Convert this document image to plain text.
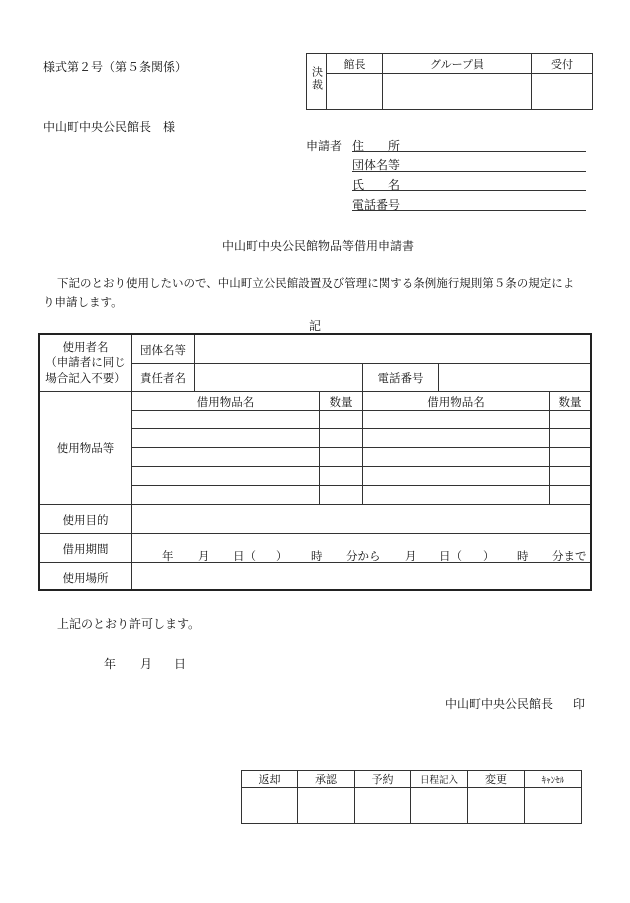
様式第２号（第５条関係）	決裁	館長	グループ員	受付

中山町中央公民館長　様
申請者 住　　所
団体名等
氏　　名
電話番号
中山町中央公民館物品等借用申請書
下記のとおり使用したいので、中山町立公民館設置及び管理に関する条例施行規則第５条の規定によ
り申請します。
記
使用者名
（申請者に同じ
場合記入不要）
団体名等
責任者名	電話番号
使用物品等
借用物品名	数量	借用物品名	数量
使用目的
借用期間	年 月 日（ ） 時 分から 月 日（ ） 時 分まで
使用場所
上記のとおり許可します。
年 月 日
中山町中央公民館長 印
返却	承認	予約	日程記入	変更	ｷｬﾝｾﾙ
